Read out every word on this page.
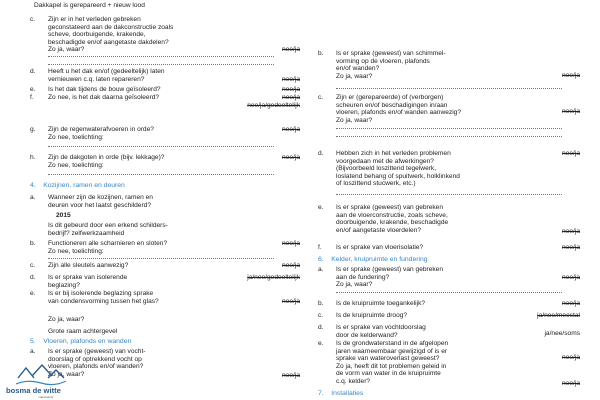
Dakkapel is gerepareerd + nieuw lood
c. Zijn er in het verleden gebreken
geconstateerd aan de dakconstructie zoals
scheve, doorbuigende, krakende,
beschadigde en/of aangetaste dakdelen?
Zo ja, waar?	nee/ja
d. Heeft u het dak en/of (gedeeltelijk) laten
vernieuwen c.q. laten repareren?	nee/ja
e. Is het dak tijdens de bouw geïsoleerd?	nee/ja
f. Zo nee, is het dak daarna geïsoleerd?	nee/ja
nee/ja/gedeeltelijk
g. Zijn de regenwaterafvoeren in orde?
Zo nee, toelichting:
nee/ja
h. Zijn de dakgoten in orde (bijv. lekkage)?
Zo nee, toelichting:
nee/ja
4.    Kozijnen, ramen en deuren
a. Wanneer zijn de kozijnen, ramen en
deuren voor het laatst geschilderd?
2015
Is dit gebeurd door een erkend schilders-
bedrijf? zelfwerkzaamheid
b. Functioneren alle scharnieren en sloten?
Zo nee, toelichting:
nee/ja
c. Zijn alle sleutels aanwezig?	nee/ja
d. Is er sprake van isolerende
beglazing?
ja/nee/gedeeltelijk
e. Is er bij isolerende beglazing sprake
van condensvorming tussen het glas?	nee/ja
Zo ja, waar?
Grote raam achtergevel
5.    Vloeren, plafonds en wanden
a. Is er sprake (geweest) van vocht-
doorslag of optrekkend vocht op
vloeren, plafonds en/of wanden?
Zo ja, waar?	nee/ja
b. Is er sprake (geweest) van schimmel-
vorming op de vloeren, plafonds
en/of wanden?
Zo ja, waar?	nee/ja
c. Zijn er (gerepareerde) of (verborgen)
scheuren en/of beschadigingen in/aan
vloeren, plafonds en/of wanden aanwezig?
Zo ja, waar?
nee/ja
d. Hebben zich in het verleden problemen
voorgedaan met de afwerkingen?
(Bijvoorbeeld loszittend tegelwerk,
loslatend behang of spuitwerk, holklinkend
of loszittend stucwerk, etc.)
nee/ja
e. Is er sprake (geweest) van gebreken
aan de vloerconstructie, zoals scheve,
doorbuigende, krakende, beschadigde
en/of aangetaste vloerdelen?	nee/ja
f. Is er sprake van vloerisolatie?	nee/ja
6.    Kelder, kruipruimte en fundering
a. Is er sprake (geweest) van gebreken
aan de fundering?
Zo ja, waar?
nee/ja
b. Is de kruipruimte toegankelijk?	nee/ja
c. Is de kruipruimte droog?	ja/nee/meestal
d. Is er sprake van vochtdoorslag
door de kelderwand?	ja/nee/soms
e. Is de grondwaterstand in de afgelopen
jaren waarneembaar gewijzigd of is er
sprake van wateroverlast geweest?
Zo ja, heeft dit tot problemen geleid in
de vorm van water in de kruipruimte
c.q. kelder?
nee/ja
nee/ja
7.    Installaties
bosma de witte
makelaardij
